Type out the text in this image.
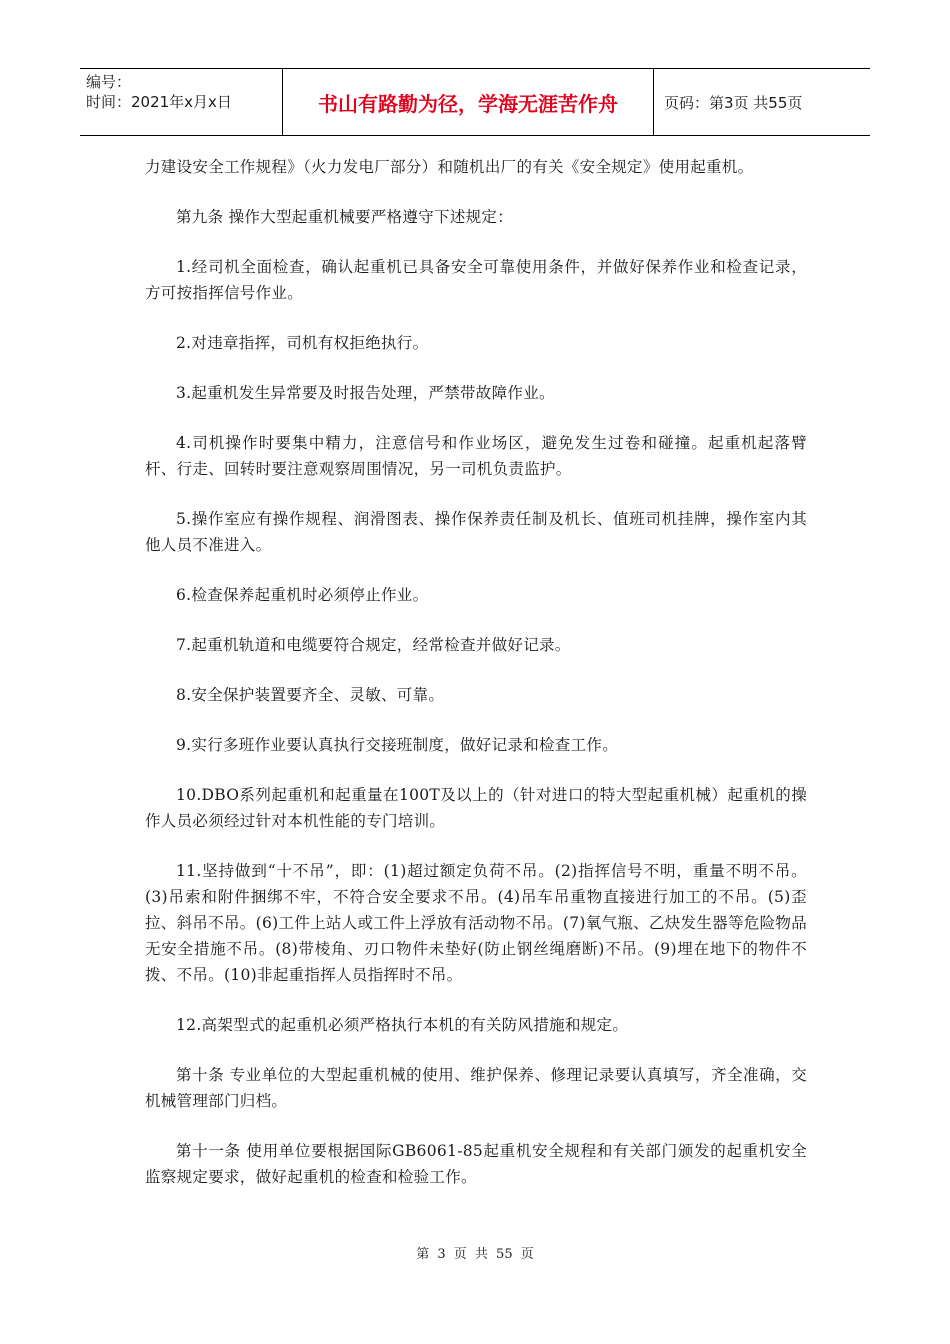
编号：
时间：2021年x月x日	书山有路勤为径，学海无涯苦作舟	页码：第3页 共55页

力建设安全工作规程》（火力发电厂部分）和随机出厂的有关《安全规定》使用起重机。

第九条 操作大型起重机械要严格遵守下述规定：

1.经司机全面检查，确认起重机已具备安全可靠使用条件，并做好保养作业和检查记录，方可按指挥信号作业。

2.对违章指挥，司机有权拒绝执行。

3.起重机发生异常要及时报告处理，严禁带故障作业。

4.司机操作时要集中精力，注意信号和作业场区，避免发生过卷和碰撞。起重机起落臂杆、行走、回转时要注意观察周围情况，另一司机负责监护。

5.操作室应有操作规程、润滑图表、操作保养责任制及机长、值班司机挂牌，操作室内其他人员不准进入。

6.检查保养起重机时必须停止作业。

7.起重机轨道和电缆要符合规定，经常检查并做好记录。

8.安全保护装置要齐全、灵敏、可靠。

9.实行多班作业要认真执行交接班制度，做好记录和检查工作。

10.DBO系列起重机和起重量在100T及以上的（针对进口的特大型起重机械）起重机的操作人员必须经过针对本机性能的专门培训。

11.坚持做到“十不吊”，即：(1)超过额定负荷不吊。(2)指挥信号不明，重量不明不吊。(3)吊索和附件捆绑不牢，不符合安全要求不吊。(4)吊车吊重物直接进行加工的不吊。(5)歪拉、斜吊不吊。(6)工件上站人或工件上浮放有活动物不吊。(7)氧气瓶、乙炔发生器等危险物品无安全措施不吊。(8)带棱角、刃口物件未垫好(防止钢丝绳磨断)不吊。(9)埋在地下的物件不拨、不吊。(10)非起重指挥人员指挥时不吊。

12.高架型式的起重机必须严格执行本机的有关防风措施和规定。

第十条 专业单位的大型起重机械的使用、维护保养、修理记录要认真填写，齐全准确，交机械管理部门归档。

第十一条 使用单位要根据国际GB6061-85起重机安全规程和有关部门颁发的起重机安全监察规定要求，做好起重机的检查和检验工作。

第 3 页 共 55 页
